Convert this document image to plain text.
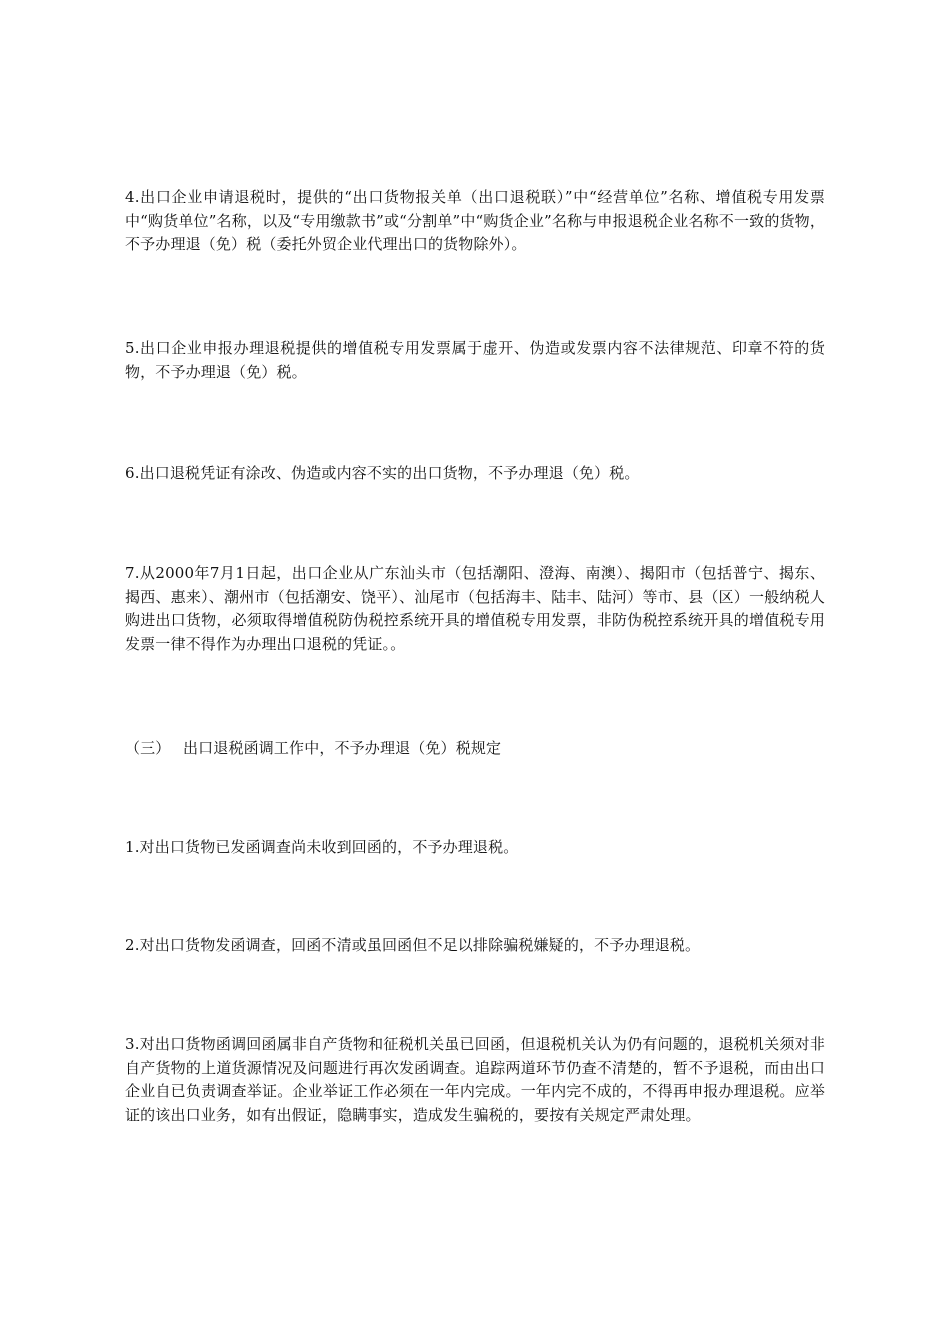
4.出口企业申请退税时，提供的“出口货物报关单（出口退税联）”中“经营单位”名称、增值税专用发票中“购货单位”名称，以及“专用缴款书”或“分割单”中“购货企业”名称与申报退税企业名称不一致的货物，不予办理退（免）税（委托外贸企业代理出口的货物除外）。

5.出口企业申报办理退税提供的增值税专用发票属于虚开、伪造或发票内容不法律规范、印章不符的货物，不予办理退（免）税。

6.出口退税凭证有涂改、伪造或内容不实的出口货物，不予办理退（免）税。

7.从2000年7月1日起，出口企业从广东汕头市（包括潮阳、澄海、南澳）、揭阳市（包括普宁、揭东、揭西、惠来）、潮州市（包括潮安、饶平）、汕尾市（包括海丰、陆丰、陆河）等市、县（区）一般纳税人购进出口货物，必须取得增值税防伪税控系统开具的增值税专用发票，非防伪税控系统开具的增值税专用发票一律不得作为办理出口退税的凭证。。

（三） 出口退税函调工作中，不予办理退（免）税规定

1.对出口货物已发函调查尚未收到回函的，不予办理退税。

2.对出口货物发函调查，回函不清或虽回函但不足以排除骗税嫌疑的，不予办理退税。

3.对出口货物函调回函属非自产货物和征税机关虽已回函，但退税机关认为仍有问题的，退税机关须对非自产货物的上道货源情况及问题进行再次发函调查。追踪两道环节仍查不清楚的，暂不予退税，而由出口企业自已负责调查举证。企业举证工作必须在一年内完成。一年内完不成的，不得再申报办理退税。应举证的该出口业务，如有出假证，隐瞒事实，造成发生骗税的，要按有关规定严肃处理。
